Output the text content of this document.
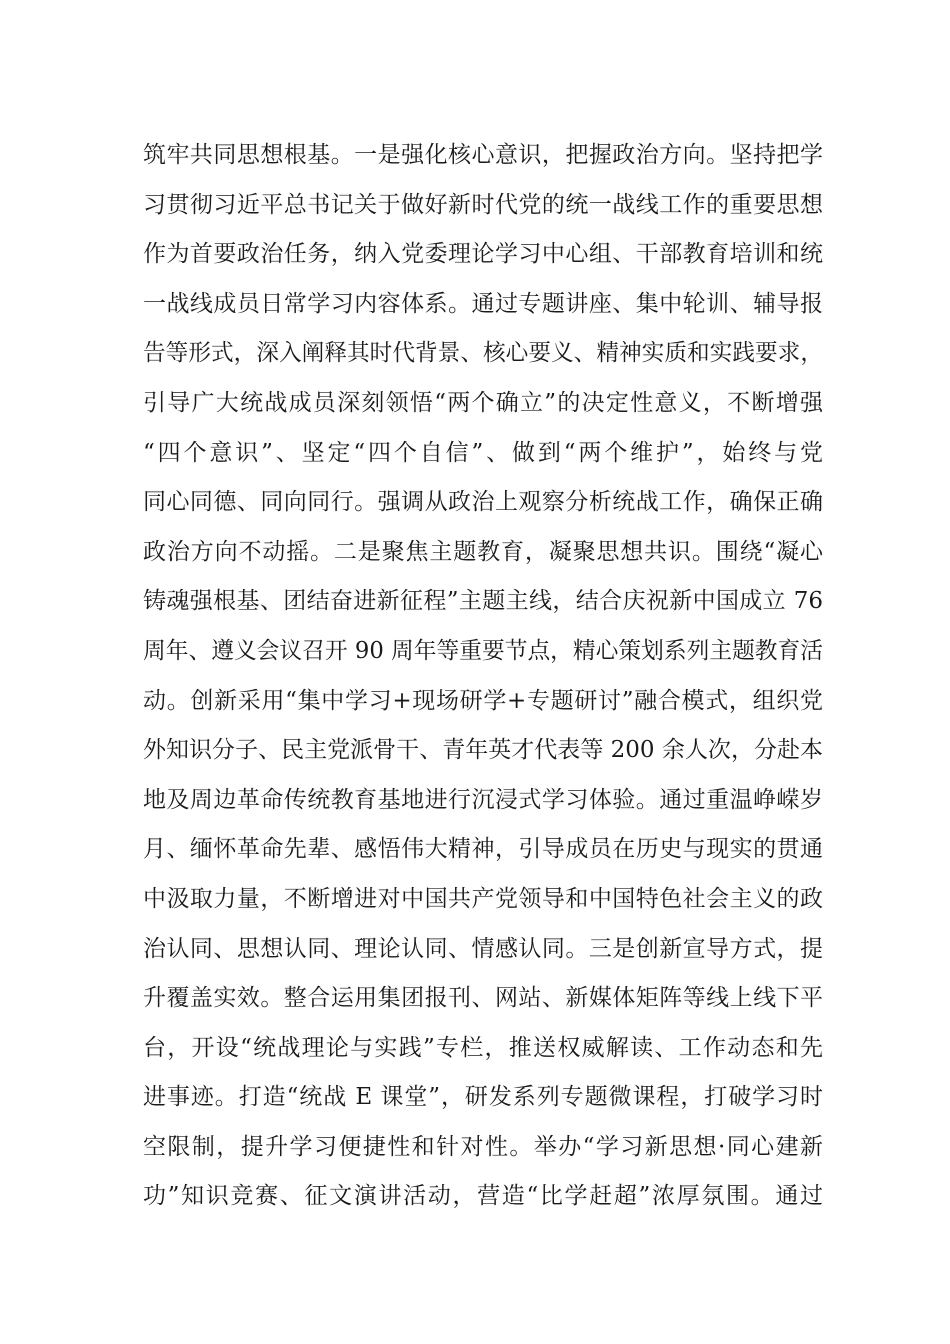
筑牢共同思想根基。一是强化核心意识，把握政治方向。坚持把学
习贯彻习近平总书记关于做好新时代党的统一战线工作的重要思想
作为首要政治任务，纳入党委理论学习中心组、干部教育培训和统
一战线成员日常学习内容体系。通过专题讲座、集中轮训、辅导报
告等形式，深入阐释其时代背景、核心要义、精神实质和实践要求，
引导广大统战成员深刻领悟“两个确立”的决定性意义，不断增强
“四个意识”、坚定“四个自信”、做到“两个维护”，始终与党
同心同德、同向同行。强调从政治上观察分析统战工作，确保正确
政治方向不动摇。二是聚焦主题教育，凝聚思想共识。围绕“凝心
铸魂强根基、团结奋进新征程”主题主线，结合庆祝新中国成立 76
周年、遵义会议召开 90 周年等重要节点，精心策划系列主题教育活
动。创新采用“集中学习+现场研学+专题研讨”融合模式，组织党
外知识分子、民主党派骨干、青年英才代表等 200 余人次，分赴本
地及周边革命传统教育基地进行沉浸式学习体验。通过重温峥嵘岁
月、缅怀革命先辈、感悟伟大精神，引导成员在历史与现实的贯通
中汲取力量，不断增进对中国共产党领导和中国特色社会主义的政
治认同、思想认同、理论认同、情感认同。三是创新宣导方式，提
升覆盖实效。整合运用集团报刊、网站、新媒体矩阵等线上线下平
台，开设“统战理论与实践”专栏，推送权威解读、工作动态和先
进事迹。打造“统战 E 课堂”，研发系列专题微课程，打破学习时
空限制，提升学习便捷性和针对性。举办“学习新思想·同心建新
功”知识竞赛、征文演讲活动，营造“比学赶超”浓厚氛围。通过
